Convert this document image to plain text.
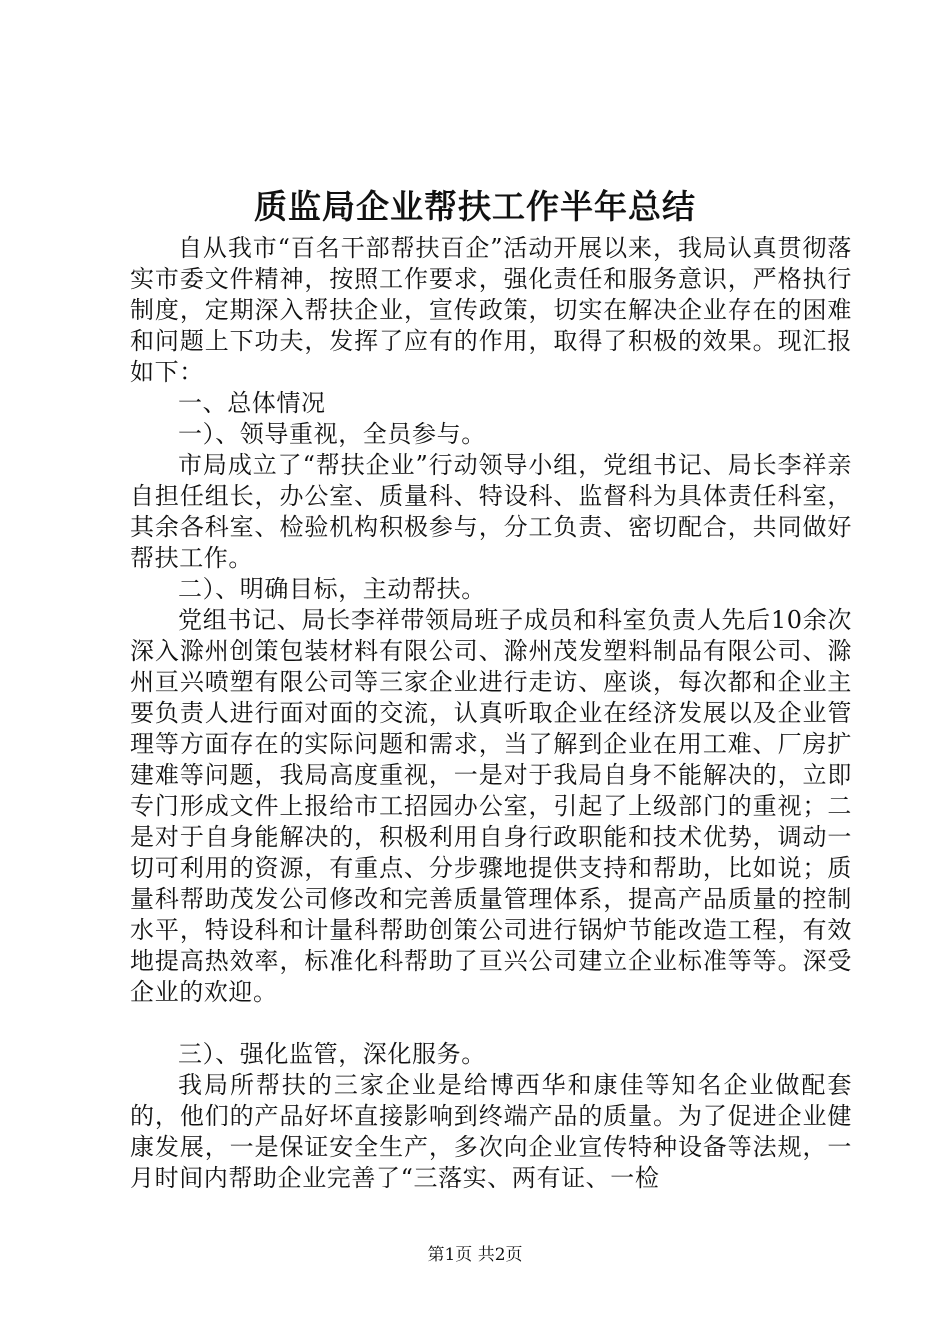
质监局企业帮扶工作半年总结

自从我市“百名干部帮扶百企”活动开展以来，我局认真贯彻落实市委文件精神，按照工作要求，强化责任和服务意识，严格执行制度，定期深入帮扶企业，宣传政策，切实在解决企业存在的困难和问题上下功夫，发挥了应有的作用，取得了积极的效果。现汇报如下：

一、总体情况

一）、领导重视，全员参与。

市局成立了“帮扶企业”行动领导小组，党组书记、局长李祥亲自担任组长，办公室、质量科、特设科、监督科为具体责任科室，其余各科室、检验机构积极参与，分工负责、密切配合，共同做好帮扶工作。

二）、明确目标，主动帮扶。

党组书记、局长李祥带领局班子成员和科室负责人先后10余次深入滁州创策包装材料有限公司、滁州茂发塑料制品有限公司、滁州亘兴喷塑有限公司等三家企业进行走访、座谈，每次都和企业主要负责人进行面对面的交流，认真听取企业在经济发展以及企业管理等方面存在的实际问题和需求，当了解到企业在用工难、厂房扩建难等问题，我局高度重视，一是对于我局自身不能解决的，立即专门形成文件上报给市工招园办公室，引起了上级部门的重视；二是对于自身能解决的，积极利用自身行政职能和技术优势，调动一切可利用的资源，有重点、分步骤地提供支持和帮助，比如说；质量科帮助茂发公司修改和完善质量管理体系，提高产品质量的控制水平，特设科和计量科帮助创策公司进行锅炉节能改造工程，有效地提高热效率，标准化科帮助了亘兴公司建立企业标准等等。深受企业的欢迎。

三）、强化监管，深化服务。

我局所帮扶的三家企业是给博西华和康佳等知名企业做配套的，他们的产品好坏直接影响到终端产品的质量。为了促进企业健康发展，一是保证安全生产，多次向企业宣传特种设备等法规，一月时间内帮助企业完善了“三落实、两有证、一检

第1页 共2页
